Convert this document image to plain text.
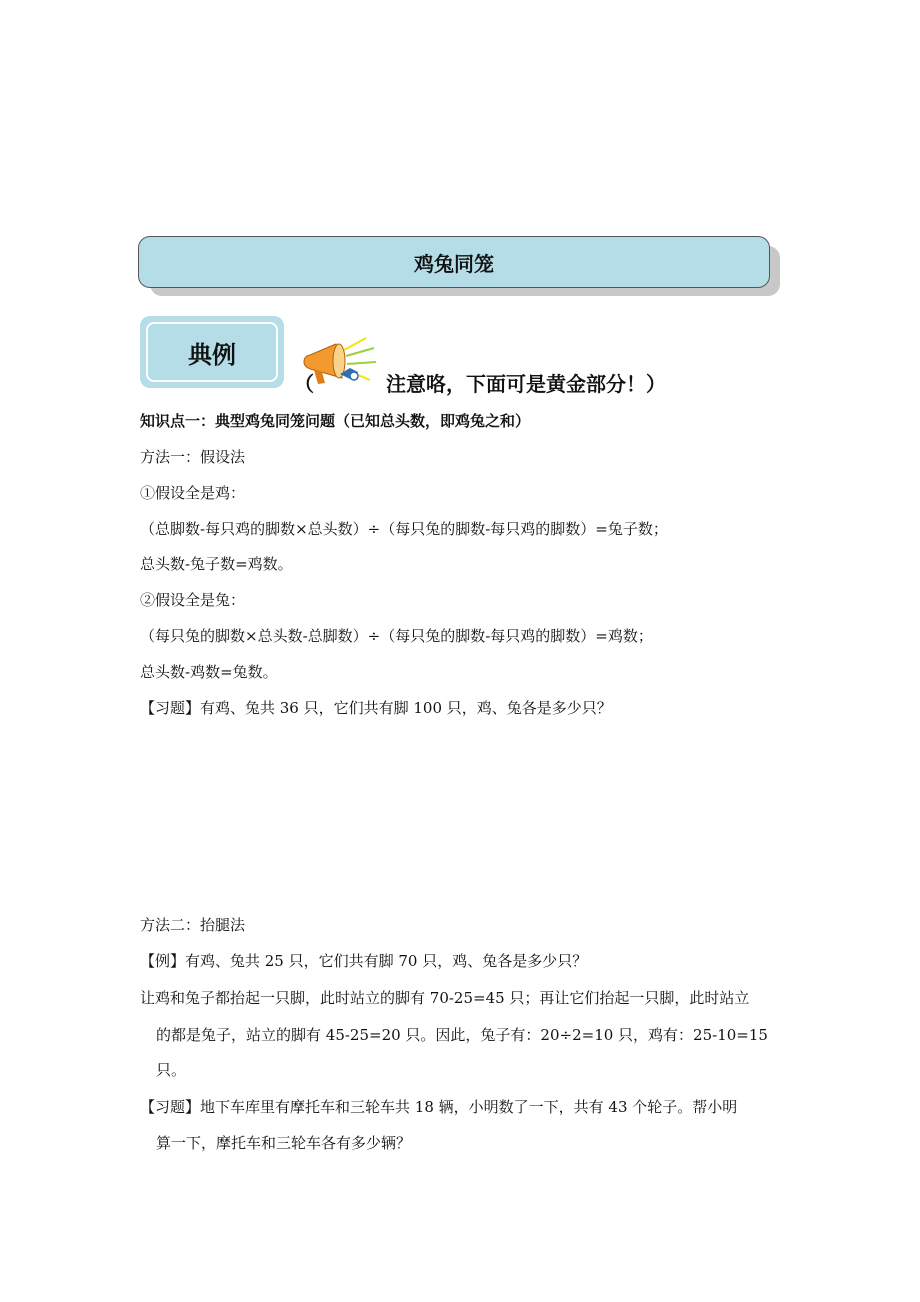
鸡兔同笼
典例
（	注意咯，下面可是黄金部分！）
知识点一：典型鸡兔同笼问题（已知总头数，即鸡兔之和）
方法一：假设法
①假设全是鸡：
（总脚数-每只鸡的脚数×总头数）÷（每只兔的脚数-每只鸡的脚数）=兔子数；
总头数-兔子数=鸡数。
②假设全是兔：
（每只兔的脚数×总头数-总脚数）÷（每只兔的脚数-每只鸡的脚数）=鸡数；
总头数-鸡数=兔数。
【习题】有鸡、兔共 36 只，它们共有脚 100 只，鸡、兔各是多少只？
方法二：抬腿法
【例】有鸡、兔共 25 只，它们共有脚 70 只，鸡、兔各是多少只？
让鸡和兔子都抬起一只脚，此时站立的脚有 70-25=45 只；再让它们抬起一只脚，此时站立
的都是兔子，站立的脚有 45-25=20 只。因此，兔子有：20÷2=10 只，鸡有：25-10=15
只。
【习题】地下车库里有摩托车和三轮车共 18 辆，小明数了一下，共有 43 个轮子。帮小明
算一下，摩托车和三轮车各有多少辆？
